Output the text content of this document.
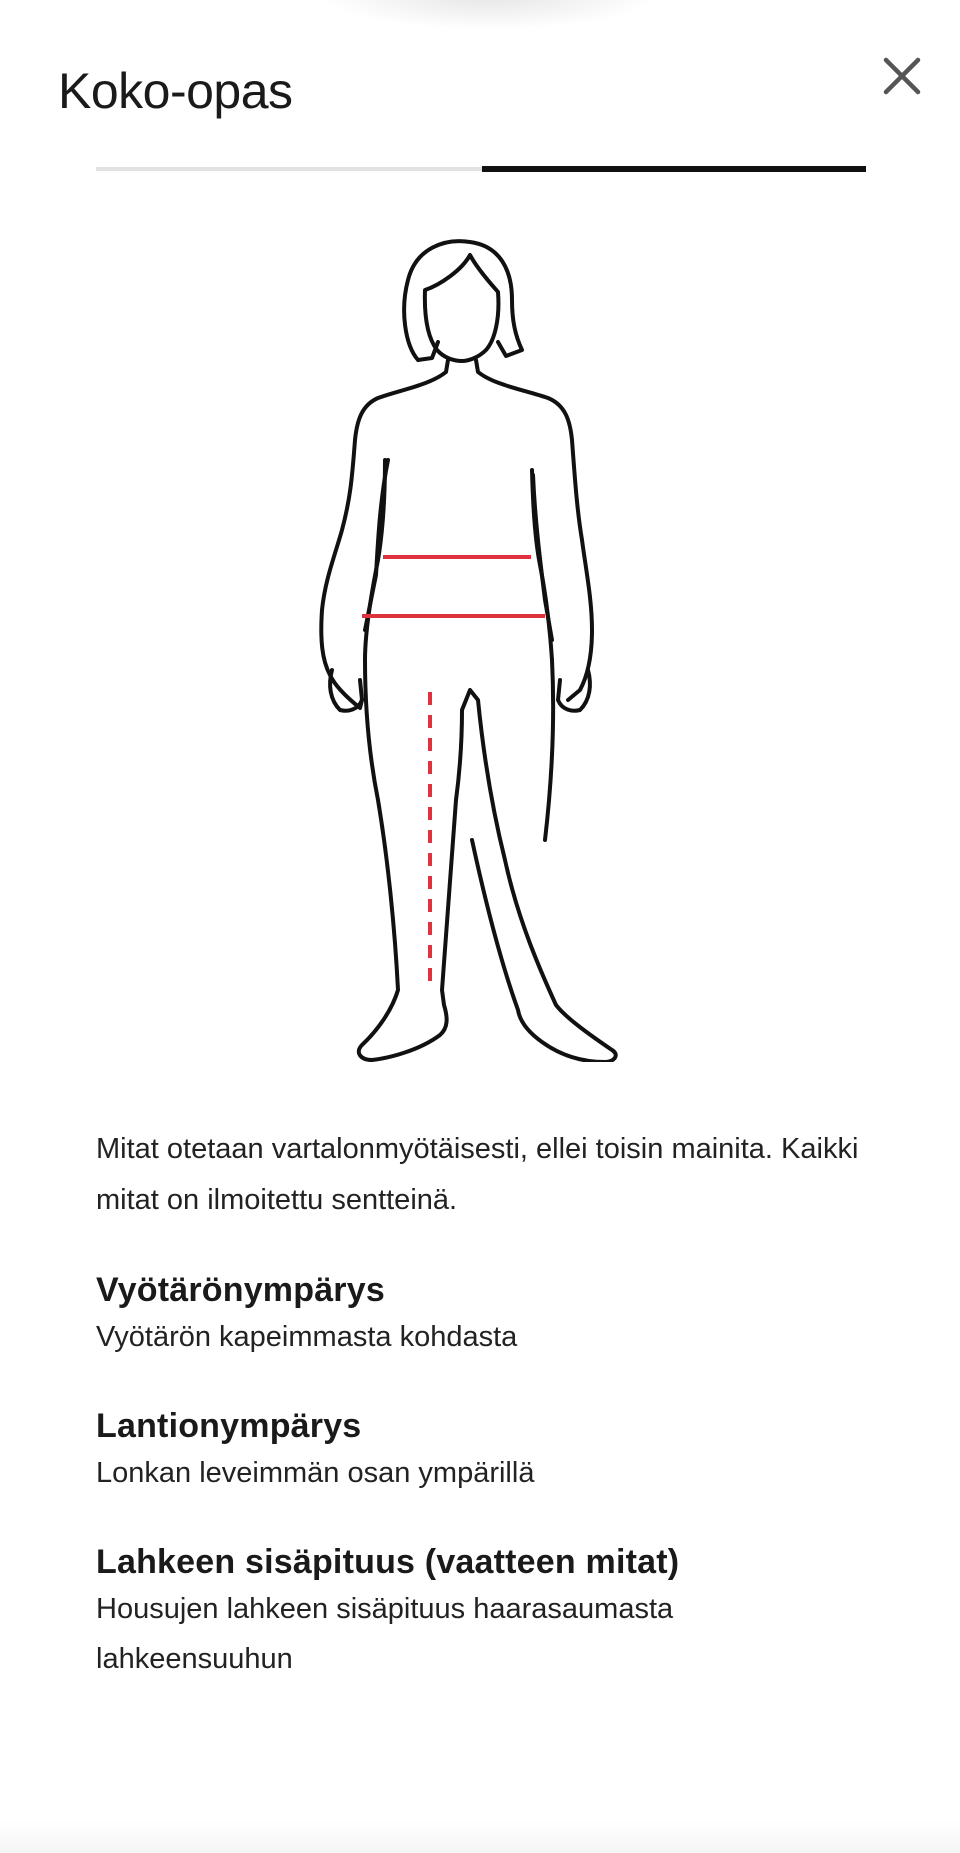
Koko-opas

Mitat otetaan vartalonmyötäisesti, ellei toisin mainita. Kaikki mitat on ilmoitettu sentteinä.

Vyötärönympärys

Vyötärön kapeimmasta kohdasta

Lantionympärys

Lonkan leveimmän osan ympärillä

Lahkeen sisäpituus (vaatteen mitat)

Housujen lahkeen sisäpituus haarasaumasta lahkeensuuhun
